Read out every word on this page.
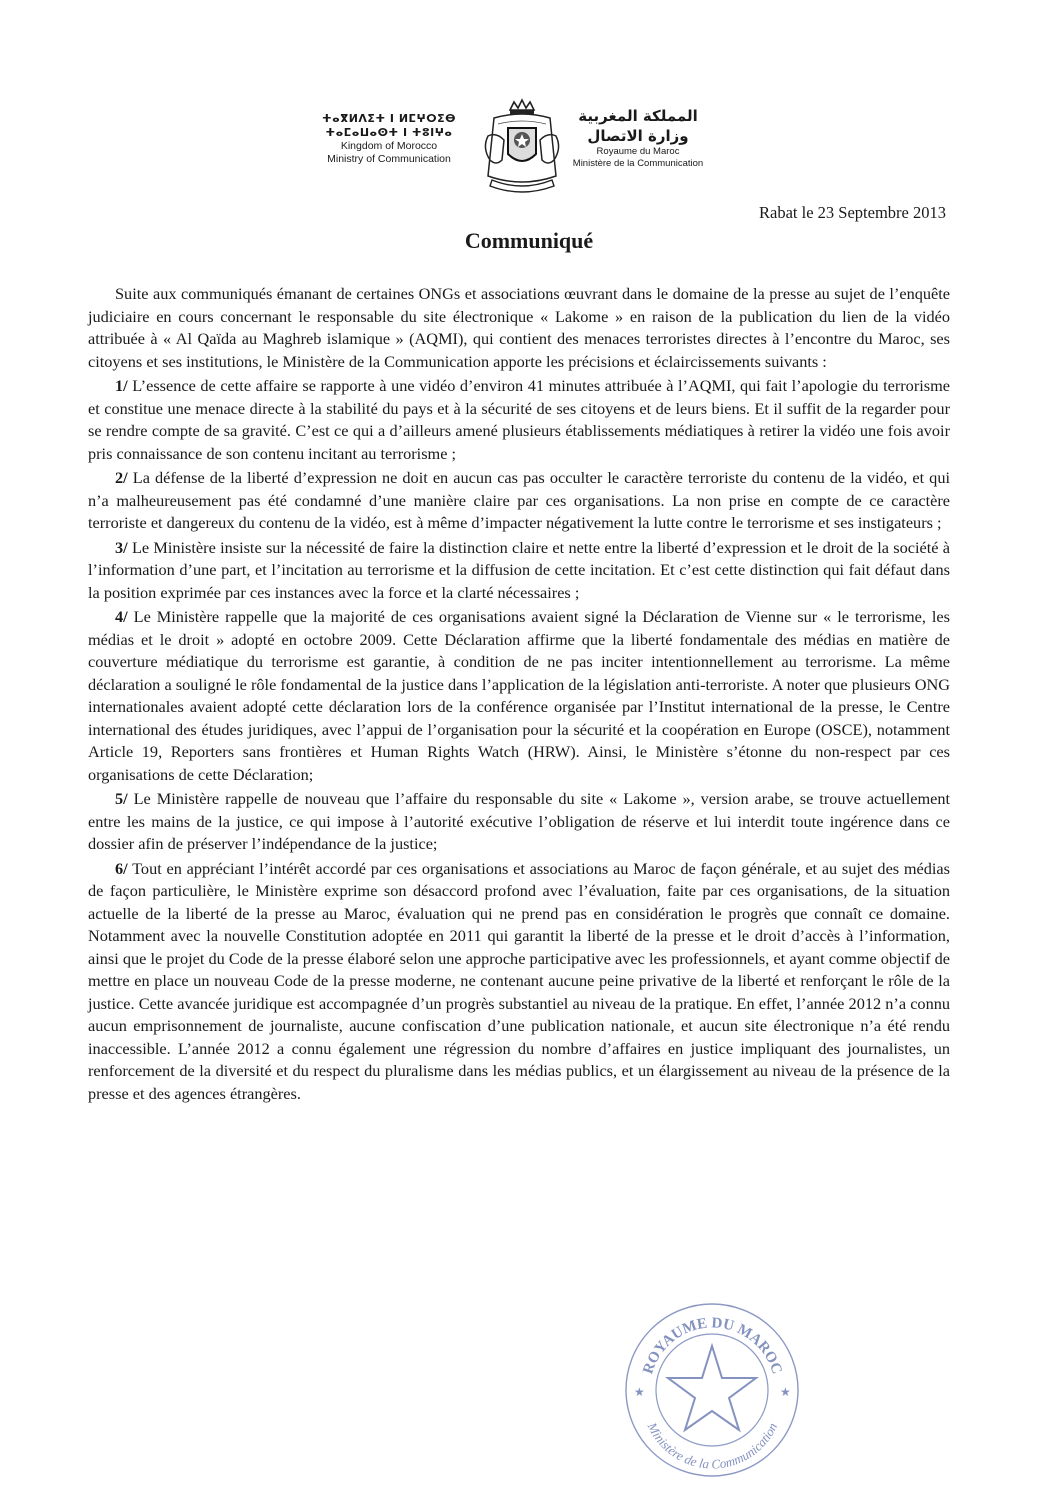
ⵜⴰⴳⵍⴷⵉⵜ ⵏ ⵍⵎⵖⵔⵉⴱ
ⵜⴰⵎⴰⵡⴰⵙⵜ ⵏ ⵜⵓⵏⵖⴰ
Kingdom of Morocco
Ministry of Communication
المملكة المغربية
وزارة الاتصال
Royaume du Maroc
Ministère de la Communication
Rabat le 23 Septembre 2013
Communiqué

Suite aux communiqués émanant de certaines ONGs et associations œuvrant dans le domaine de la presse au sujet de l’enquête judiciaire en cours concernant le responsable du site électronique « Lakome » en raison de la publication du lien de la vidéo attribuée à « Al Qaïda au Maghreb islamique » (AQMI), qui contient des menaces terroristes directes à l’encontre du Maroc, ses citoyens et ses institutions, le Ministère de la Communication apporte les précisions et éclaircissements suivants :

1/ L’essence de cette affaire se rapporte à une vidéo d’environ 41 minutes attribuée à l’AQMI, qui fait l’apologie du terrorisme et constitue une menace directe à la stabilité du pays et à la sécurité de ses citoyens et de leurs biens. Et il suffit de la regarder pour se rendre compte de sa gravité. C’est ce qui a d’ailleurs amené plusieurs établissements médiatiques à retirer la vidéo une fois avoir pris connaissance de son contenu incitant au terrorisme ;

2/ La défense de la liberté d’expression ne doit en aucun cas pas occulter le caractère terroriste du contenu de la vidéo, et qui n’a malheureusement pas été condamné d’une manière claire par ces organisations. La non prise en compte de ce caractère terroriste et dangereux du contenu de la vidéo, est à même d’impacter négativement la lutte contre le terrorisme et ses instigateurs ;

3/ Le Ministère insiste sur la nécessité de faire la distinction claire et nette entre la liberté d’expression et le droit de la société à l’information d’une part, et l’incitation au terrorisme et la diffusion de cette incitation. Et c’est cette distinction qui fait défaut dans la position exprimée par ces instances avec la force et la clarté nécessaires ;

4/ Le Ministère rappelle que la majorité de ces organisations avaient signé la Déclaration de Vienne sur « le terrorisme, les médias et le droit » adopté en octobre 2009. Cette Déclaration affirme que la liberté fondamentale des médias en matière de couverture médiatique du terrorisme est garantie, à condition de ne pas inciter intentionnellement au terrorisme. La même déclaration a souligné le rôle fondamental de la justice dans l’application de la législation anti-terroriste. A noter que plusieurs ONG internationales avaient adopté cette déclaration lors de la conférence organisée par l’Institut international de la presse, le Centre international des études juridiques, avec l’appui de l’organisation pour la sécurité et la coopération en Europe (OSCE), notamment Article 19, Reporters sans frontières et Human Rights Watch (HRW). Ainsi, le Ministère s’étonne du non-respect par ces organisations de cette Déclaration;

5/ Le Ministère rappelle de nouveau que l’affaire du responsable du site « Lakome », version arabe, se trouve actuellement entre les mains de la justice, ce qui impose à l’autorité exécutive l’obligation de réserve et lui interdit toute ingérence dans ce dossier afin de préserver l’indépendance de la justice;

6/ Tout en appréciant l’intérêt accordé par ces organisations et associations au Maroc de façon générale, et au sujet des médias de façon particulière, le Ministère exprime son désaccord profond avec l’évaluation, faite par ces organisations, de la situation actuelle de la liberté de la presse au Maroc, évaluation qui ne prend pas en considération le progrès que connaît ce domaine. Notamment avec la nouvelle Constitution adoptée en 2011 qui garantit la liberté de la presse et le droit d’accès à l’information, ainsi que le projet du Code de la presse élaboré selon une approche participative avec les professionnels, et ayant comme objectif de mettre en place un nouveau Code de la presse moderne, ne contenant aucune peine privative de la liberté et renforçant le rôle de la justice. Cette avancée juridique est accompagnée d’un progrès substantiel au niveau de la pratique. En effet, l’année 2012 n’a connu aucun emprisonnement de journaliste, aucune confiscation d’une publication nationale, et aucun site électronique n’a été rendu inaccessible. L’année 2012 a connu également une régression du nombre d’affaires en justice impliquant des journalistes, un renforcement de la diversité et du respect du pluralisme dans les médias publics, et un élargissement au niveau de la présence de la presse et des agences étrangères.

ROYAUME DU MAROC
Ministère de la Communication
★	★
